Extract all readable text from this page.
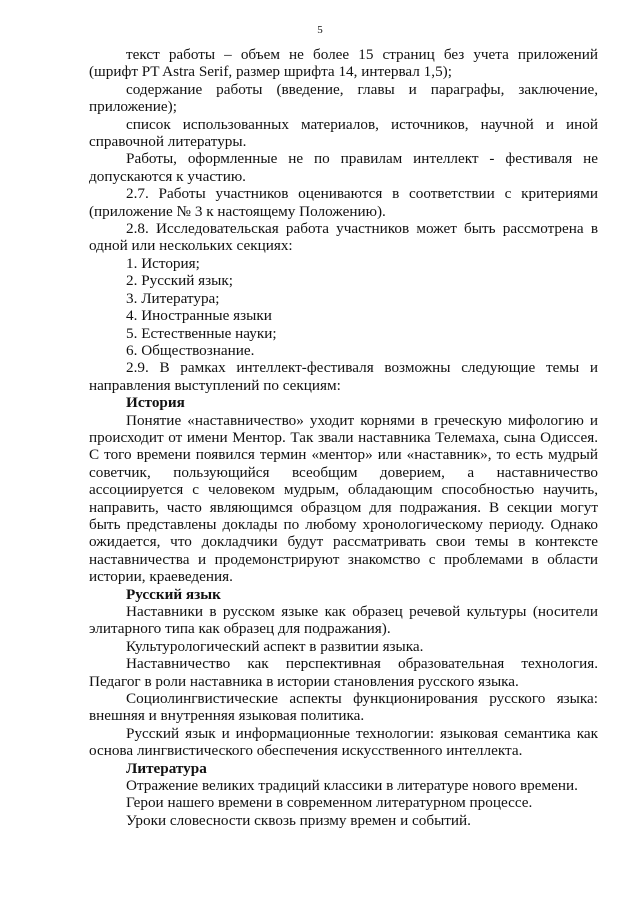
5

текст работы – объем не более 15 страниц без учета приложений (шрифт PT Astra Serif, размер шрифта 14, интервал 1,5);

содержание работы (введение, главы и параграфы, заключение, приложение);

список использованных материалов, источников, научной и иной справочной литературы.

Работы, оформленные не по правилам интеллект - фестиваля не допускаются к участию.

2.7. Работы участников оцениваются в соответствии с критериями (приложение № 3 к настоящему Положению).

2.8. Исследовательская работа участников может быть рассмотрена в одной или нескольких секциях:

1. История;

2. Русский язык;

3. Литература;

4. Иностранные языки

5. Естественные науки;

6. Обществознание.

2.9. В рамках интеллект-фестиваля возможны следующие темы и направления выступлений по секциям:

История

Понятие «наставничество» уходит корнями в греческую мифологию и происходит от имени Ментор. Так звали наставника Телемаха, сына Одиссея. С того времени появился термин «ментор» или «наставник», то есть мудрый советчик, пользующийся всеобщим доверием, а наставничество ассоциируется с человеком мудрым, обладающим способностью научить, направить, часто являющимся образцом для подражания. В секции могут быть представлены доклады по любому хронологическому периоду. Однако ожидается, что докладчики будут рассматривать свои темы в контексте наставничества и продемонстрируют знакомство с проблемами в области истории, краеведения.

Русский язык

Наставники в русском языке как образец речевой культуры (носители элитарного типа как образец для подражания).

Культурологический аспект в развитии языка.

Наставничество как перспективная образовательная технология. Педагог в роли наставника в истории становления русского языка.

Социолингвистические аспекты функционирования русского языка: внешняя и внутренняя языковая политика.

Русский язык и информационные технологии: языковая семантика как основа лингвистического обеспечения искусственного интеллекта.

Литература

Отражение великих традиций классики в литературе нового времени.

Герои нашего времени в современном литературном процессе.

Уроки словесности сквозь призму времен и событий.
